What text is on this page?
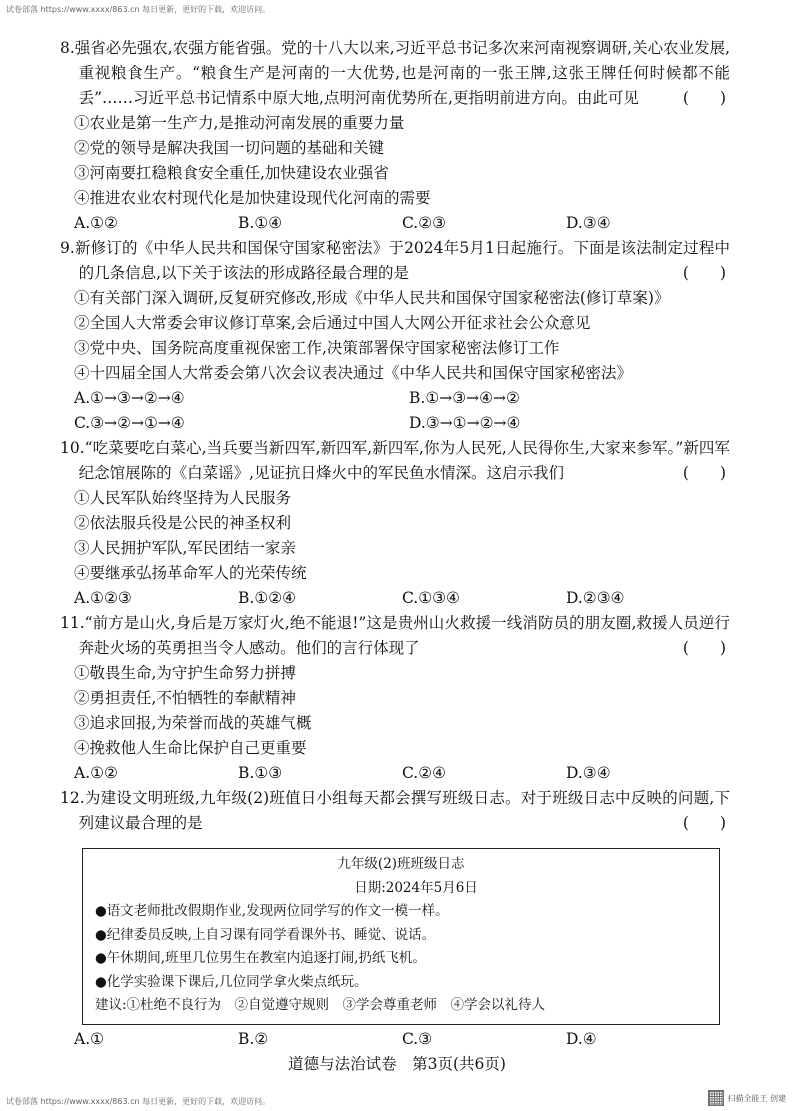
试卷部落 https://www.xxxx/863.cn 每日更新，更好的下载，欢迎访问。
8.强省必先强农,农强方能省强。党的十八大以来,习近平总书记多次来河南视察调研,关心农业发展,重视粮食生产。“粮食生产是河南的一大优势,也是河南的一张王牌,这张王牌任何时候都不能丢”……习近平总书记情系中原大地,点明河南优势所在,更指明前进方向。由此可见	(　　)
①农业是第一生产力,是推动河南发展的重要力量
②党的领导是解决我国一切问题的基础和关键
③河南要扛稳粮食安全重任,加快建设农业强省
④推进农业农村现代化是加快建设现代化河南的需要
A.①②	B.①④	C.②③	D.③④
9.新修订的《中华人民共和国保守国家秘密法》于2024年5月1日起施行。下面是该法制定过程中的几条信息,以下关于该法的形成路径最合理的是	(　　)
①有关部门深入调研,反复研究修改,形成《中华人民共和国保守国家秘密法(修订草案)》
②全国人大常委会审议修订草案,会后通过中国人大网公开征求社会公众意见
③党中央、国务院高度重视保密工作,决策部署保守国家秘密法修订工作
④十四届全国人大常委会第八次会议表决通过《中华人民共和国保守国家秘密法》
A.①→③→②→④	B.①→③→④→②
C.③→②→①→④	D.③→①→②→④
10.“吃菜要吃白菜心,当兵要当新四军,新四军,新四军,你为人民死,人民得你生,大家来参军。”新四军纪念馆展陈的《白菜谣》,见证抗日烽火中的军民鱼水情深。这启示我们	(　　)
①人民军队始终坚持为人民服务
②依法服兵役是公民的神圣权利
③人民拥护军队,军民团结一家亲
④要继承弘扬革命军人的光荣传统
A.①②③	B.①②④	C.①③④	D.②③④
11.“前方是山火,身后是万家灯火,绝不能退!”这是贵州山火救援一线消防员的朋友圈,救援人员逆行奔赴火场的英勇担当令人感动。他们的言行体现了	(　　)
①敬畏生命,为守护生命努力拼搏
②勇担责任,不怕牺牲的奉献精神
③追求回报,为荣誉而战的英雄气概
④挽救他人生命比保护自己更重要
A.①②	B.①③	C.②④	D.③④
12.为建设文明班级,九年级(2)班值日小组每天都会撰写班级日志。对于班级日志中反映的问题,下列建议最合理的是	(　　)
九年级(2)班班级日志
日期:2024年5月6日
●语文老师批改假期作业,发现两位同学写的作文一模一样。
●纪律委员反映,上自习课有同学看课外书、睡觉、说话。
●午休期间,班里几位男生在教室内追逐打闹,扔纸飞机。
●化学实验课下课后,几位同学拿火柴点纸玩。
建议:①杜绝不良行为　②自觉遵守规则　③学会尊重老师　④学会以礼待人
A.①	B.②	C.③	D.④
道德与法治试卷　第3页(共6页)
试卷部落 https://www.xxxx/863.cn 每日更新，更好的下载，欢迎访问。	扫描全能王 创建
